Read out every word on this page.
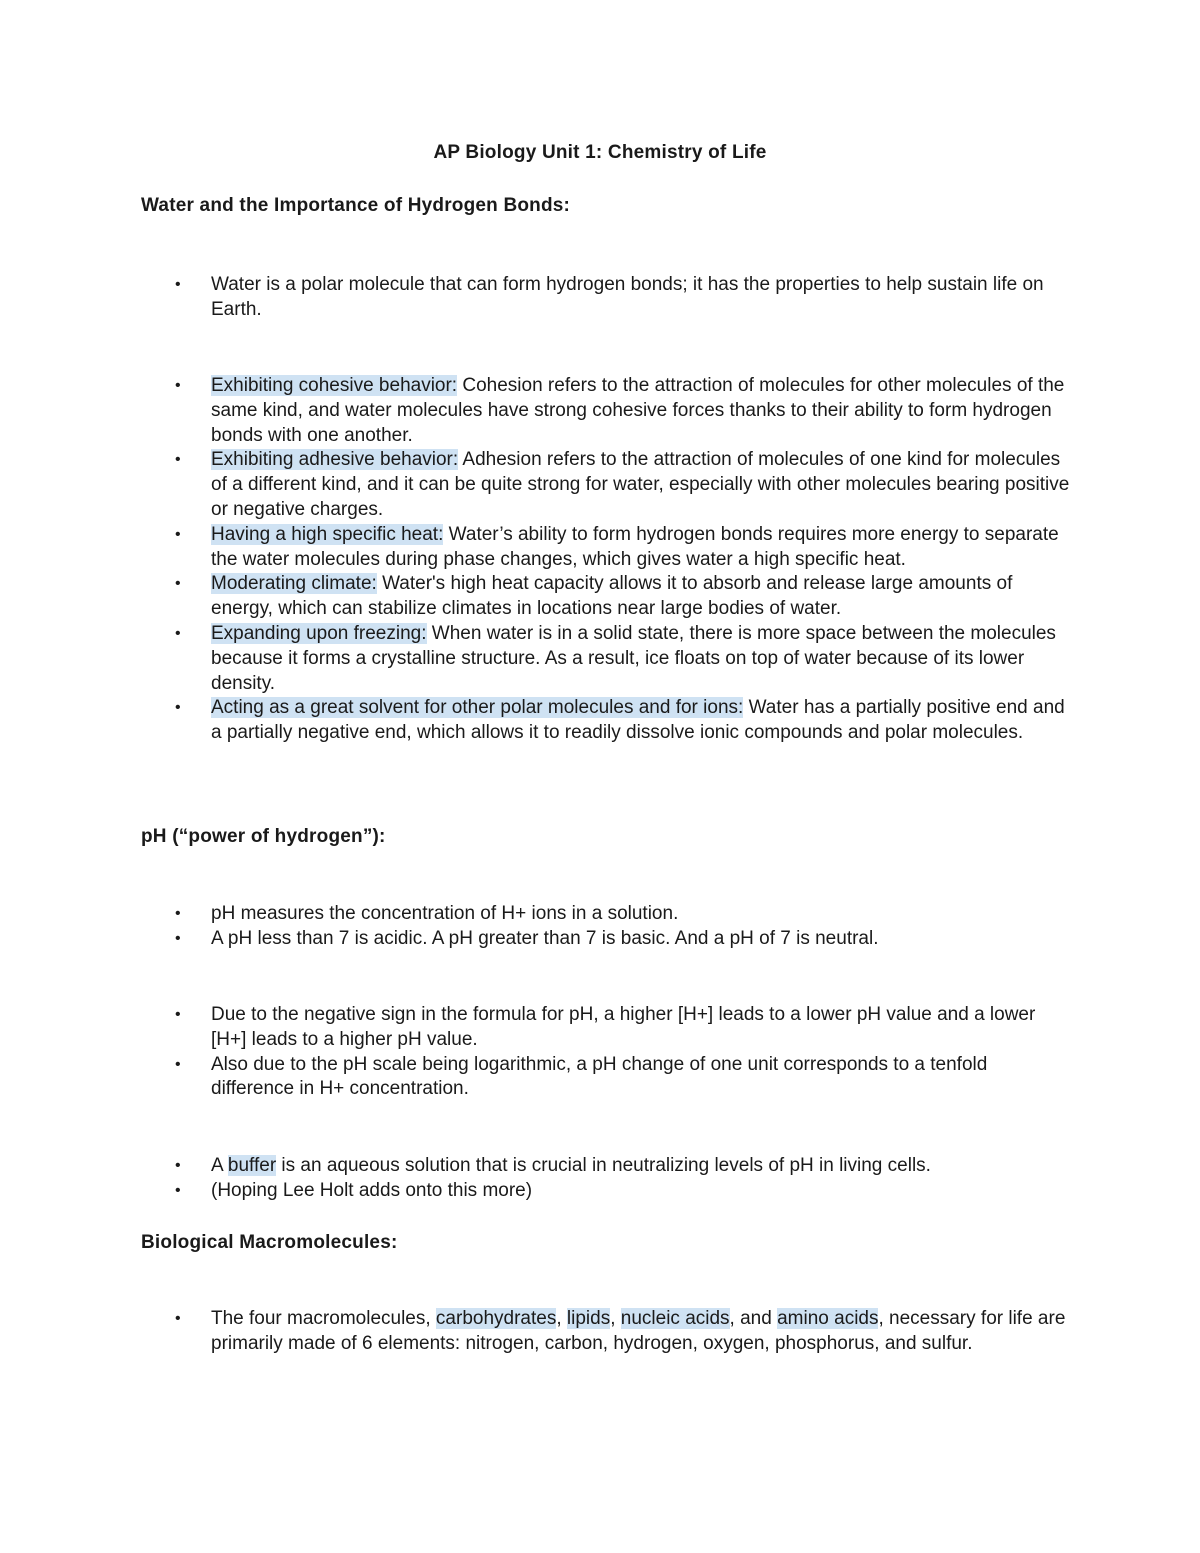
AP Biology Unit 1: Chemistry of Life
Water and the Importance of Hydrogen Bonds:
• Water is a polar molecule that can form hydrogen bonds; it has the properties to help sustain life on Earth.
• Exhibiting cohesive behavior: Cohesion refers to the attraction of molecules for other molecules of the same kind, and water molecules have strong cohesive forces thanks to their ability to form hydrogen bonds with one another.
• Exhibiting adhesive behavior: Adhesion refers to the attraction of molecules of one kind for molecules of a different kind, and it can be quite strong for water, especially with other molecules bearing positive or negative charges.
• Having a high specific heat: Water’s ability to form hydrogen bonds requires more energy to separate the water molecules during phase changes, which gives water a high specific heat.
• Moderating climate: Water's high heat capacity allows it to absorb and release large amounts of energy, which can stabilize climates in locations near large bodies of water.
• Expanding upon freezing: When water is in a solid state, there is more space between the molecules because it forms a crystalline structure. As a result, ice floats on top of water because of its lower density.
• Acting as a great solvent for other polar molecules and for ions: Water has a partially positive end and a partially negative end, which allows it to readily dissolve ionic compounds and polar molecules.
pH (“power of hydrogen”):
• pH measures the concentration of H+ ions in a solution.
• A pH less than 7 is acidic. A pH greater than 7 is basic. And a pH of 7 is neutral.
• Due to the negative sign in the formula for pH, a higher [H+] leads to a lower pH value and a lower [H+] leads to a higher pH value.
• Also due to the pH scale being logarithmic, a pH change of one unit corresponds to a tenfold difference in H+ concentration.
• A buffer is an aqueous solution that is crucial in neutralizing levels of pH in living cells.
• (Hoping Lee Holt adds onto this more)
Biological Macromolecules:
• The four macromolecules, carbohydrates, lipids, nucleic acids, and amino acids, necessary for life are primarily made of 6 elements: nitrogen, carbon, hydrogen, oxygen, phosphorus, and sulfur.
